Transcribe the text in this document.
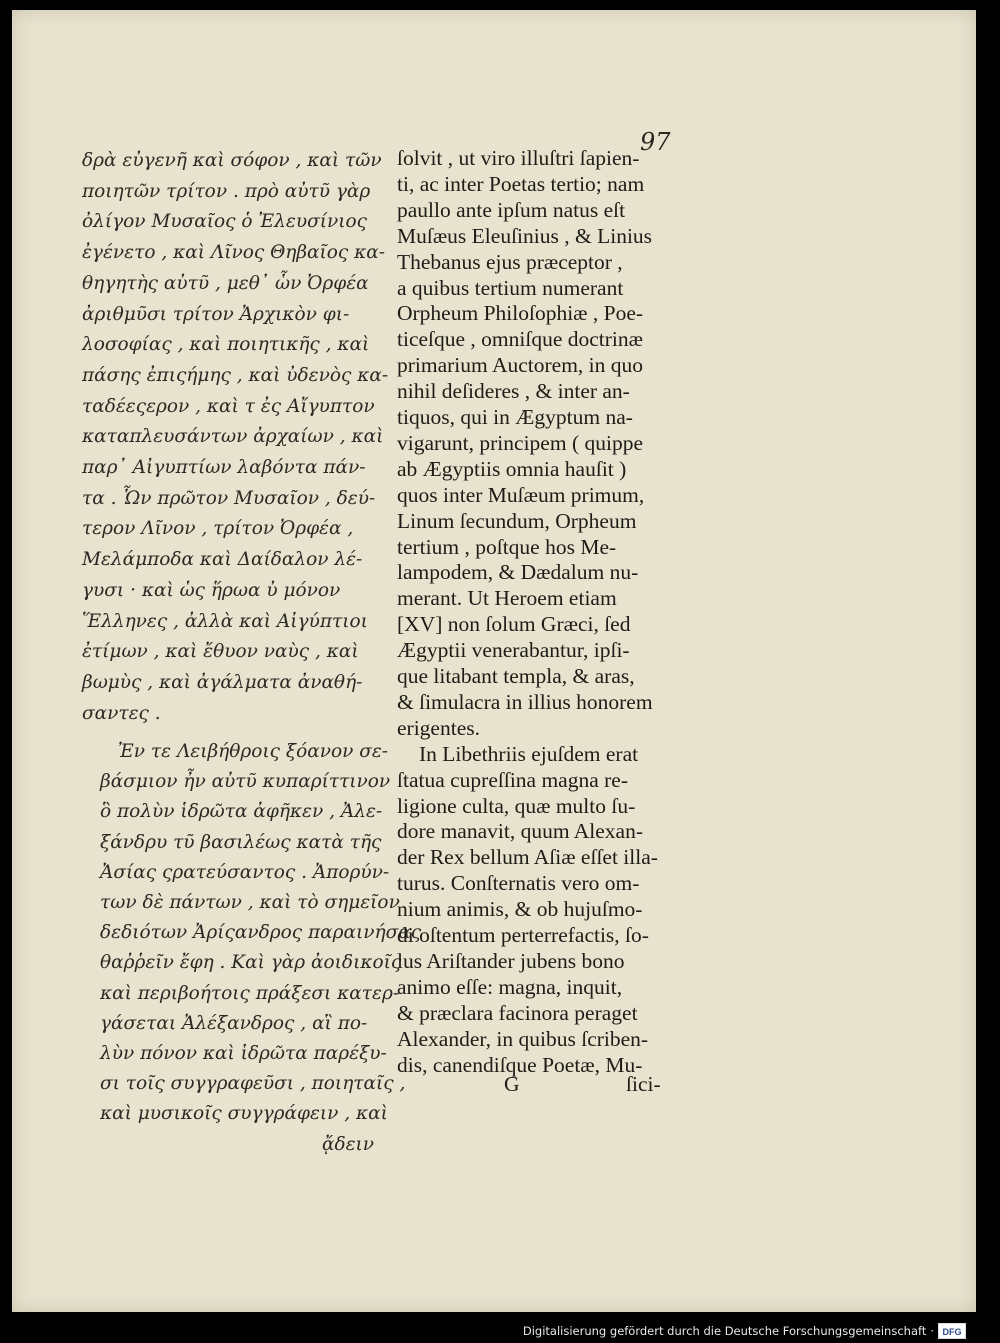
97
δρὰ εὐγενῆ καὶ σόφον , καὶ τῶν
ποιητῶν τρίτον . πρὸ αὐτῦ γὰρ
ὀλίγον Μυσαῖος ὁ Ἐλευσίνιος
ἐγένετο , καὶ Λῖνος Θηβαῖος κα-
θηγητὴς αὐτῦ , μεθ᾽ ὧν Ὀρφέα
ἀριθμῦσι τρίτον Ἀρχικὸν φι-
λοσοφίας , καὶ ποιητικῆς , καὶ
πάσης ἐπιςήμης , καὶ ὐδενὸς κα-
ταδέεςερον , καὶ τ ἐς Αἴγυπτον
καταπλευσάντων ἀρχαίων , καὶ
παρ᾽ Αἰγυπτίων λαβόντα πάν-
τα . Ὧν πρῶτον Μυσαῖον , δεύ-
τερον Λῖνον , τρίτον Ὀρφέα ,
Μελάμποδα καὶ Δαίδαλον λέ-
γυσι · καὶ ὡς ἥρωα ὐ μόνον
Ἕλληνες , ἀλλὰ καὶ Αἰγύπτιοι
ἐτίμων , καὶ ἔθυον ναὺς , καὶ
βωμὺς , καὶ ἀγάλματα ἀναθή-
σαντες .
Ἐν τε Λειβήθροις ξόανον σε-
βάσμιον ἦν αὐτῦ κυπαρίττινον
ὃ πολὺν ἱδρῶτα ἀφῆκεν , Ἀλε-
ξάνδρυ τῦ βασιλέως κατὰ τῆς
Ἀσίας ςρατεύσαντος . Ἀπορύν-
των δὲ πάντων , καὶ τὸ σημεῖον
δεδιότων Ἀρίςανδρος παραινήσας
θαῤῥεῖν ἔφη . Καὶ γὰρ ἀοιδικοῖς
καὶ περιβοήτοις πράξεσι κατερ-
γάσεται Ἀλέξανδρος , αἳ πο-
λὺν πόνον καὶ ἱδρῶτα παρέξυ-
σι τοῖς συγγραφεῦσι , ποιηταῖς ,
καὶ μυσικοῖς συγγράφειν , καὶ
ᾄδειν
ſolvit , ut viro illuſtri ſapien-
ti, ac inter Poetas tertio; nam
paullo ante ipſum natus eſt
Muſæus Eleuſinius , & Linius
Thebanus ejus præceptor ,
a quibus tertium numerant
Orpheum Philoſophiæ , Poe-
ticeſque , omniſque doctrinæ
primarium Auctorem, in quo
nihil deſideres , & inter an-
tiquos, qui in Ægyptum na-
vigarunt, principem ( quippe
ab Ægyptiis omnia hauſit )
quos inter Muſæum primum,
Linum ſecundum, Orpheum
tertium , poſtque hos Me-
lampodem, & Dædalum nu-
merant. Ut Heroem etiam
[XV] non ſolum Græci, ſed
Ægyptii venerabantur, ipſi-
que litabant templa, & aras,
& ſimulacra in illius honorem
erigentes.
In Libethriis ejuſdem erat
ſtatua cupreſſina magna re-
ligione culta, quæ multo ſu-
dore manavit, quum Alexan-
der Rex bellum Aſiæ eſſet illa-
turus. Conſternatis vero om-
nium animis, & ob hujuſmo-
di oſtentum perterrefactis, ſo-
lus Ariſtander jubens bono
animo eſſe: magna, inquit,
& præclara facinora peraget
Alexander, in quibus ſcriben-
dis, canendiſque Poetæ, Mu-
G	ſici-
Digitalisierung gefördert durch die Deutsche Forschungsgemeinschaft · DFG
